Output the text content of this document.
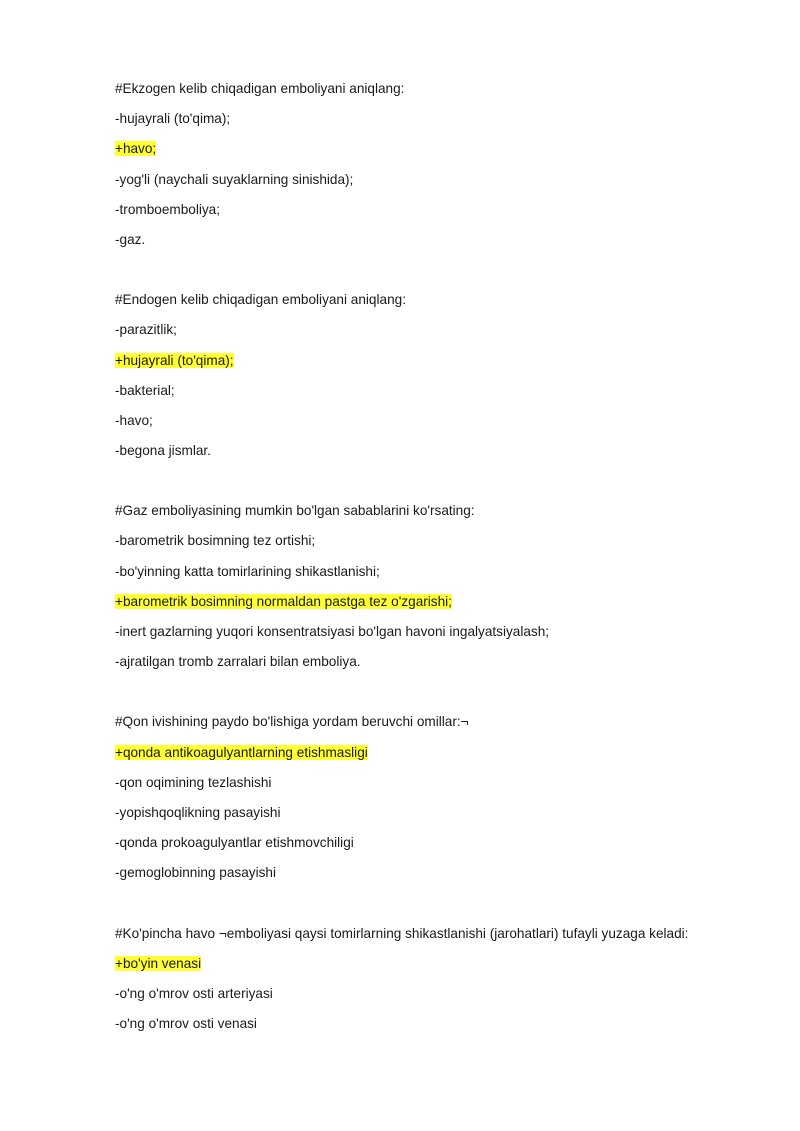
#Ekzogen kelib chiqadigan emboliyani aniqlang:
-hujayrali (to'qima);
+havo;
-yog'li (naychali suyaklarning sinishida);
-tromboemboliya;
-gaz.
#Endogen kelib chiqadigan emboliyani aniqlang:
-parazitlik;
+hujayrali (to'qima);
-bakterial;
-havo;
-begona jismlar.
#Gaz emboliyasining mumkin bo'lgan sabablarini ko'rsating:
-barometrik bosimning tez ortishi;
-bo'yinning katta tomirlarining shikastlanishi;
+barometrik bosimning normaldan pastga tez o'zgarishi;
-inert gazlarning yuqori konsentratsiyasi bo'lgan havoni ingalyatsiyalash;
-ajratilgan tromb zarralari bilan emboliya.
#Qon ivishining paydo bo'lishiga yordam beruvchi omillar:¬
+qonda antikoagulyantlarning etishmasligi
-qon oqimining tezlashishi
-yopishqoqlikning pasayishi
-qonda prokoagulyantlar etishmovchiligi
-gemoglobinning pasayishi
#Ko'pincha havo ¬emboliyasi qaysi tomirlarning shikastlanishi (jarohatlari) tufayli yuzaga keladi:
+bo'yin venasi
-o'ng o'mrov osti arteriyasi
-o'ng o'mrov osti venasi
